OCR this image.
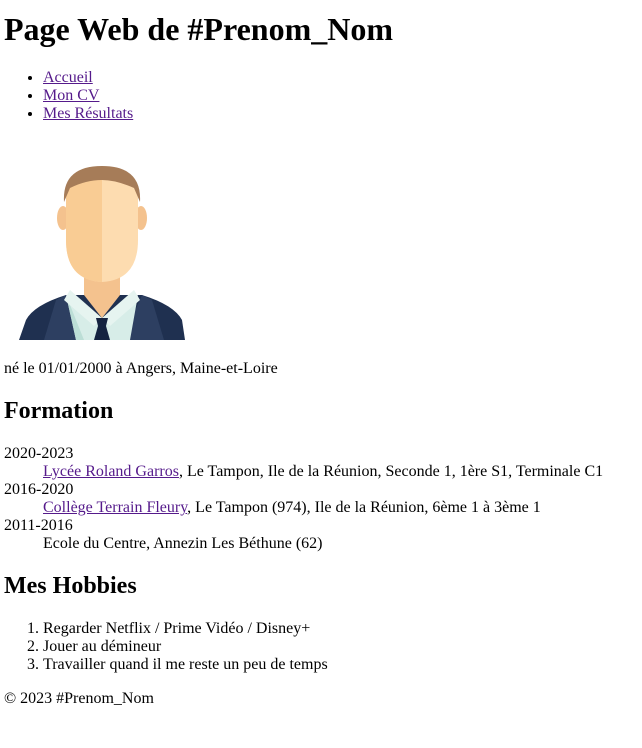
Page Web de #Prenom_Nom
• Accueil
• Mon CV
• Mes Résultats
né le 01/01/2000 à Angers, Maine-et-Loire
Formation
2020-2023
Lycée Roland Garros, Le Tampon, Ile de la Réunion, Seconde 1, 1ère S1, Terminale C1
2016-2020
Collège Terrain Fleury, Le Tampon (974), Ile de la Réunion, 6ème 1 à 3ème 1
2011-2016
Ecole du Centre, Annezin Les Béthune (62)
Mes Hobbies
1. Regarder Netflix / Prime Vidéo / Disney+
2. Jouer au démineur
3. Travailler quand il me reste un peu de temps
© 2023 #Prenom_Nom
